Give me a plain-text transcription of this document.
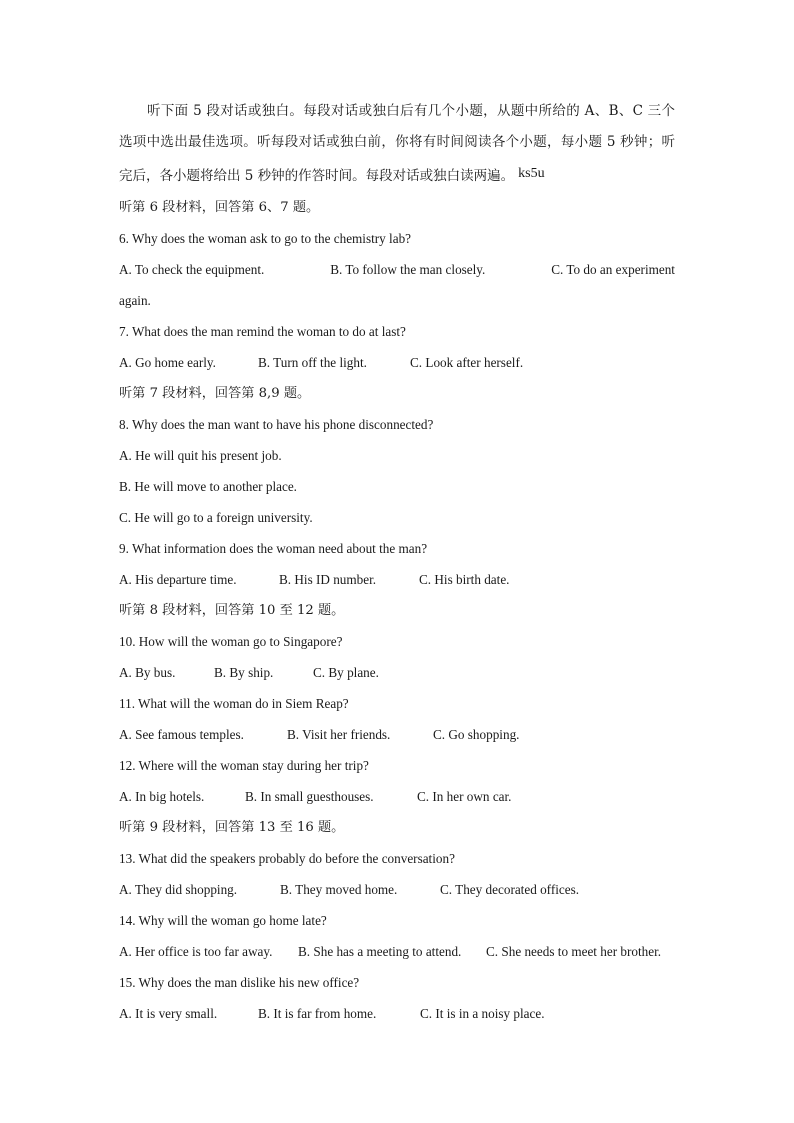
听下面 5 段对话或独白。每段对话或独白后有几个小题，从题中所给的 A、B、C 三个选项中选出最佳选项。听每段对话或独白前，你将有时间阅读各个小题，每小题 5 秒钟；听完后，各小题将给出 5 秒钟的作答时间。每段对话或独白读两遍。 ks5u

听第 6 段材料，回答第 6、7 题。
6. Why does the woman ask to go to the chemistry lab?
A. To check the equipment.	B. To follow the man closely.	C. To do an experiment
again.
7. What does the man remind the woman to do at last?
A. Go home early.	B. Turn off the light.	C. Look after herself.
听第 7 段材料，回答第 8,9 题。
8. Why does the man want to have his phone disconnected?
A. He will quit his present job.
B. He will move to another place.
C. He will go to a foreign university.
9. What information does the woman need about the man?
A. His departure time.	B. His ID number.	C. His birth date.
听第 8 段材料，回答第 10 至 12 题。
10. How will the woman go to Singapore?
A. By bus.	B. By ship.	C. By plane.
11. What will the woman do in Siem Reap?
A. See famous temples.	B. Visit her friends.	C. Go shopping.
12. Where will the woman stay during her trip?
A. In big hotels.	B. In small guesthouses.	C. In her own car.
听第 9 段材料，回答第 13 至 16 题。
13. What did the speakers probably do before the conversation?
A. They did shopping.	B. They moved home.	C. They decorated offices.
14. Why will the woman go home late?
A. Her office is too far away.	B. She has a meeting to attend.	C. She needs to meet her brother.
15. Why does the man dislike his new office?
A. It is very small.	B. It is far from home.	C. It is in a noisy place.
